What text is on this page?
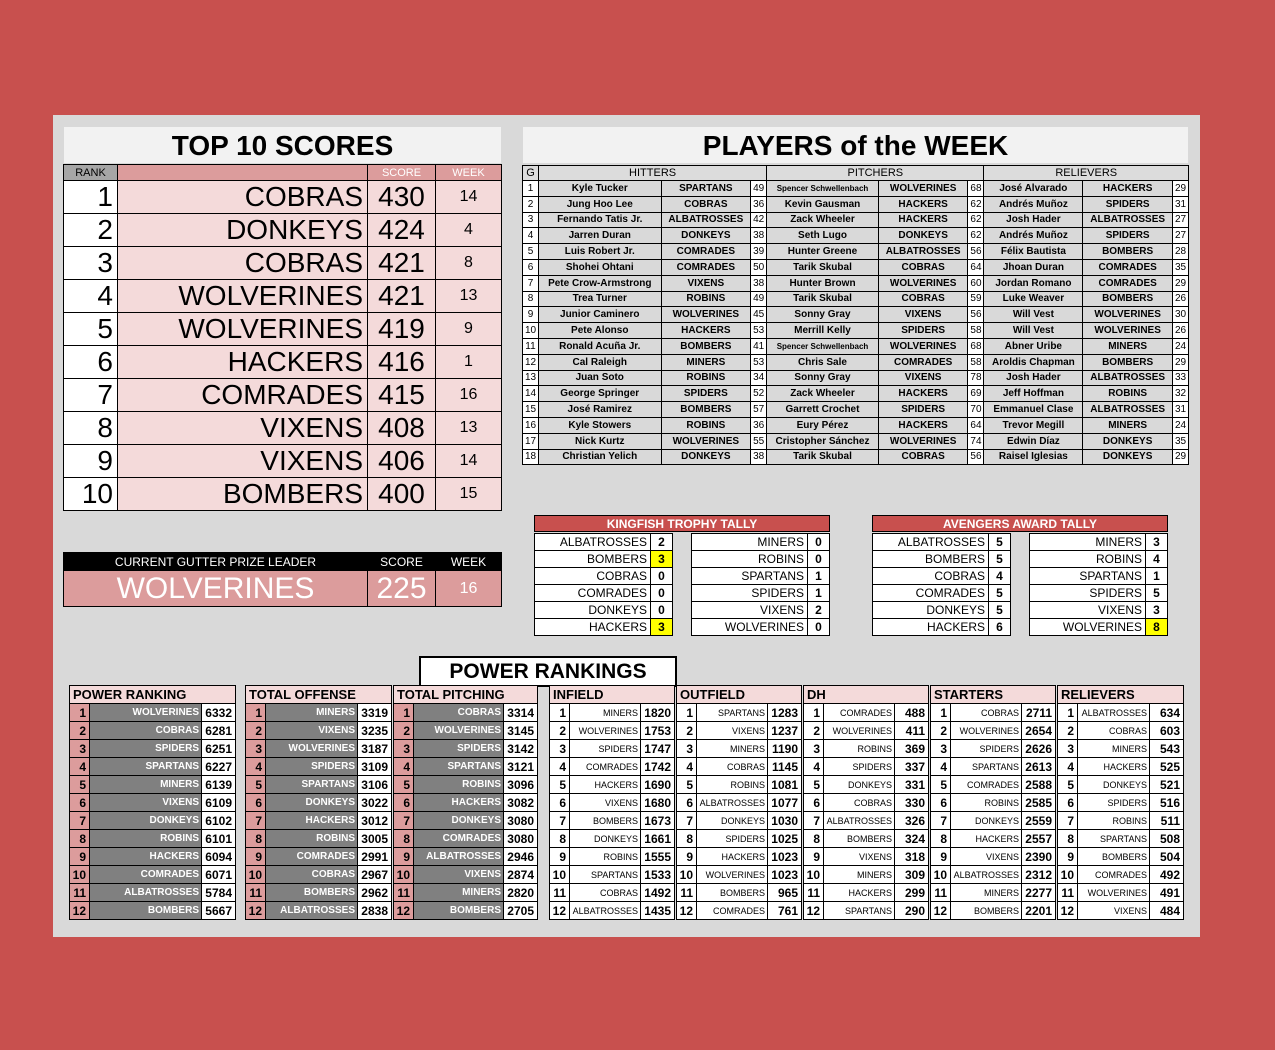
TOP 10 SCORES
RANK		SCORE	WEEK
1	COBRAS	430	14
2	DONKEYS	424	4
3	COBRAS	421	8
4	WOLVERINES	421	13
5	WOLVERINES	419	9
6	HACKERS	416	1
7	COMRADES	415	16
8	VIXENS	408	13
9	VIXENS	406	14
10	BOMBERS	400	15
CURRENT GUTTER PRIZE LEADER	SCORE	WEEK
WOLVERINES	225	16
PLAYERS of the WEEK
G	HITTERS			PITCHERS			RELIEVERS		
1	Kyle Tucker	SPARTANS	49	Spencer Schwellenbach	WOLVERINES	68	José Alvarado	HACKERS	29
2	Jung Hoo Lee	COBRAS	36	Kevin Gausman	HACKERS	62	Andrés Muñoz	SPIDERS	31
3	Fernando Tatis Jr.	ALBATROSSES	42	Zack Wheeler	HACKERS	62	Josh Hader	ALBATROSSES	27
4	Jarren Duran	DONKEYS	38	Seth Lugo	DONKEYS	62	Andrés Muñoz	SPIDERS	27
5	Luis Robert Jr.	COMRADES	39	Hunter Greene	ALBATROSSES	56	Félix Bautista	BOMBERS	28
6	Shohei Ohtani	COMRADES	50	Tarik Skubal	COBRAS	64	Jhoan Duran	COMRADES	35
7	Pete Crow-Armstrong	VIXENS	38	Hunter Brown	WOLVERINES	60	Jordan Romano	COMRADES	29
8	Trea Turner	ROBINS	49	Tarik Skubal	COBRAS	59	Luke Weaver	BOMBERS	26
9	Junior Caminero	WOLVERINES	45	Sonny Gray	VIXENS	56	Will Vest	WOLVERINES	30
10	Pete Alonso	HACKERS	53	Merrill Kelly	SPIDERS	58	Will Vest	WOLVERINES	26
11	Ronald Acuña Jr.	BOMBERS	41	Spencer Schwellenbach	WOLVERINES	68	Abner Uribe	MINERS	24
12	Cal Raleigh	MINERS	53	Chris Sale	COMRADES	58	Aroldis Chapman	BOMBERS	29
13	Juan Soto	ROBINS	34	Sonny Gray	VIXENS	78	Josh Hader	ALBATROSSES	33
14	George Springer	SPIDERS	52	Zack Wheeler	HACKERS	69	Jeff Hoffman	ROBINS	32
15	José Ramirez	BOMBERS	57	Garrett Crochet	SPIDERS	70	Emmanuel Clase	ALBATROSSES	31
16	Kyle Stowers	ROBINS	36	Eury Pérez	HACKERS	64	Trevor Megill	MINERS	24
17	Nick Kurtz	WOLVERINES	55	Cristopher Sánchez	WOLVERINES	74	Edwin Díaz	DONKEYS	35
18	Christian Yelich	DONKEYS	38	Tarik Skubal	COBRAS	56	Raisel Iglesias	DONKEYS	29
KINGFISH TROPHY TALLY
ALBATROSSES	2
BOMBERS	3
COBRAS	0
COMRADES	0
DONKEYS	0
HACKERS	3
MINERS	0
ROBINS	0
SPARTANS	1
SPIDERS	1
VIXENS	2
WOLVERINES	0
AVENGERS AWARD TALLY
ALBATROSSES	5
BOMBERS	5
COBRAS	4
COMRADES	5
DONKEYS	5
HACKERS	6
MINERS	3
ROBINS	4
SPARTANS	1
SPIDERS	5
VIXENS	3
WOLVERINES	8
POWER RANKINGS
POWER RANKING		
1	WOLVERINES	6332
2	COBRAS	6281
3	SPIDERS	6251
4	SPARTANS	6227
5	MINERS	6139
6	VIXENS	6109
7	DONKEYS	6102
8	ROBINS	6101
9	HACKERS	6094
10	COMRADES	6071
11	ALBATROSSES	5784
12	BOMBERS	5667
TOTAL OFFENSE		
1	MINERS	3319
2	VIXENS	3235
3	WOLVERINES	3187
4	SPIDERS	3109
5	SPARTANS	3106
6	DONKEYS	3022
7	HACKERS	3012
8	ROBINS	3005
9	COMRADES	2991
10	COBRAS	2967
11	BOMBERS	2962
12	ALBATROSSES	2838
TOTAL PITCHING		
1	COBRAS	3314
2	WOLVERINES	3145
3	SPIDERS	3142
4	SPARTANS	3121
5	ROBINS	3096
6	HACKERS	3082
7	DONKEYS	3080
8	COMRADES	3080
9	ALBATROSSES	2946
10	VIXENS	2874
11	MINERS	2820
12	BOMBERS	2705
INFIELD		
1	MINERS	1820
2	WOLVERINES	1753
3	SPIDERS	1747
4	COMRADES	1742
5	HACKERS	1690
6	VIXENS	1680
7	BOMBERS	1673
8	DONKEYS	1661
9	ROBINS	1555
10	SPARTANS	1533
11	COBRAS	1492
12	ALBATROSSES	1435
OUTFIELD		
1	SPARTANS	1283
2	VIXENS	1237
3	MINERS	1190
4	COBRAS	1145
5	ROBINS	1081
6	ALBATROSSES	1077
7	DONKEYS	1030
8	SPIDERS	1025
9	HACKERS	1023
10	WOLVERINES	1023
11	BOMBERS	965
12	COMRADES	761
DH		
1	COMRADES	488
2	WOLVERINES	411
3	ROBINS	369
4	SPIDERS	337
5	DONKEYS	331
6	COBRAS	330
7	ALBATROSSES	326
8	BOMBERS	324
9	VIXENS	318
10	MINERS	309
11	HACKERS	299
12	SPARTANS	290
STARTERS		
1	COBRAS	2711
2	WOLVERINES	2654
3	SPIDERS	2626
4	SPARTANS	2613
5	COMRADES	2588
6	ROBINS	2585
7	DONKEYS	2559
8	HACKERS	2557
9	VIXENS	2390
10	ALBATROSSES	2312
11	MINERS	2277
12	BOMBERS	2201
RELIEVERS		
1	ALBATROSSES	634
2	COBRAS	603
3	MINERS	543
4	HACKERS	525
5	DONKEYS	521
6	SPIDERS	516
7	ROBINS	511
8	SPARTANS	508
9	BOMBERS	504
10	COMRADES	492
11	WOLVERINES	491
12	VIXENS	484
